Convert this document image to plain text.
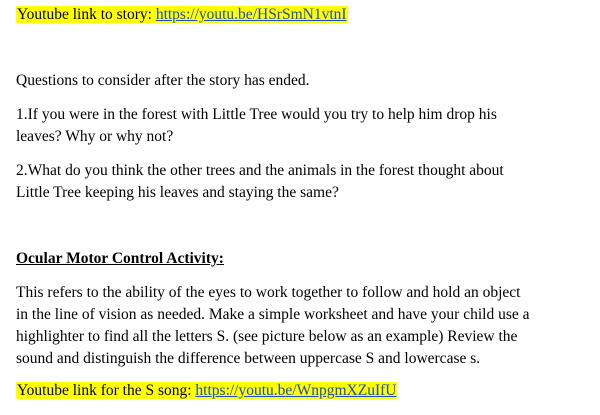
Youtube link to story: https://youtu.be/HSrSmN1vtnI
Questions to consider after the story has ended.
1.If you were in the forest with Little Tree would you try to help him drop his
leaves? Why or why not?
2.What do you think the other trees and the animals in the forest thought about
Little Tree keeping his leaves and staying the same?
Ocular Motor Control Activity:
This refers to the ability of the eyes to work together to follow and hold an object
in the line of vision as needed. Make a simple worksheet and have your child use a
highlighter to find all the letters S. (see picture below as an example) Review the
sound and distinguish the difference between uppercase S and lowercase s.
Youtube link for the S song: https://youtu.be/WnpgmXZuIfU
